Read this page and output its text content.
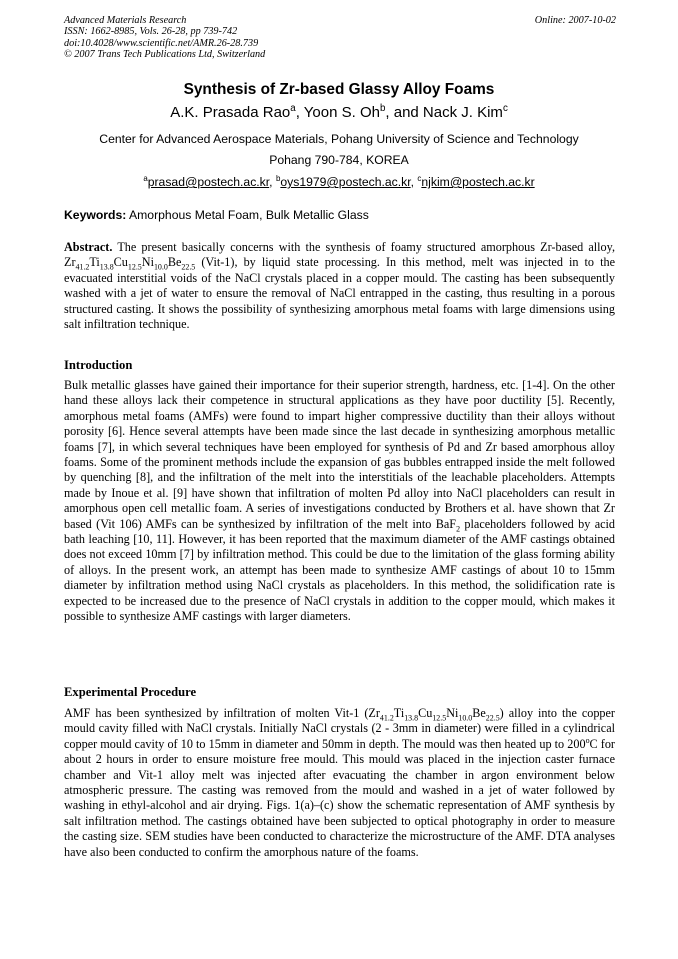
Advanced Materials Research
ISSN: 1662-8985, Vols. 26-28, pp 739-742
doi:10.4028/www.scientific.net/AMR.26-28.739
© 2007 Trans Tech Publications Ltd, Switzerland
Online: 2007-10-02
Synthesis of Zr-based Glassy Alloy Foams
A.K. Prasada Rao$^a$, Yoon S. Oh$^b$, and Nack J. Kim$^c$
Center for Advanced Aerospace Materials, Pohang University of Science and Technology
Pohang 790-784, KOREA
$^a$prasad@postech.ac.kr, $^b$oys1979@postech.ac.kr, $^c$njkim@postech.ac.kr
Keywords: Amorphous Metal Foam, Bulk Metallic Glass
Abstract. The present basically concerns with the synthesis of foamy structured amorphous Zr-based alloy, $Zr_{41.2}Ti_{13.8}Cu_{12.5}Ni_{10.0}Be_{22.5}$ (Vit-1), by liquid state processing. In this method, melt was injected in to the evacuated interstitial voids of the NaCl crystals placed in a copper mould. The casting has been subsequently washed with a jet of water to ensure the removal of NaCl entrapped in the casting, thus resulting in a porous structured casting. It shows the possibility of synthesizing amorphous metal foams with large dimensions using salt infiltration technique.
Introduction
Bulk metallic glasses have gained their importance for their superior strength, hardness, etc. [1-4]. On the other hand these alloys lack their competence in structural applications as they have poor ductility [5]. Recently, amorphous metal foams (AMFs) were found to impart higher compressive ductility than their alloys without porosity [6]. Hence several attempts have been made since the last decade in synthesizing amorphous metallic foams [7], in which several techniques have been employed for synthesis of Pd and Zr based amorphous alloy foams. Some of the prominent methods include the expansion of gas bubbles entrapped inside the melt followed by quenching [8], and the infiltration of the melt into the interstitials of the leachable placeholders. Attempts made by Inoue et al. [9] have shown that infiltration of molten Pd alloy into NaCl placeholders can result in amorphous open cell metallic foam. A series of investigations conducted by Brothers et al. have shown that Zr based (Vit 106) AMFs can be synthesized by infiltration of the melt into BaF$_2$ placeholders followed by acid bath leaching [10, 11]. However, it has been reported that the maximum diameter of the AMF castings obtained does not exceed 10mm [7] by infiltration method. This could be due to the limitation of the glass forming ability of alloys. In the present work, an attempt has been made to synthesize AMF castings of about 10 to 15mm diameter by infiltration method using NaCl crystals as placeholders. In this method, the solidification rate is expected to be increased due to the presence of NaCl crystals in addition to the copper mould, which makes it possible to synthesize AMF castings with larger diameters.
Experimental Procedure
AMF has been synthesized by infiltration of molten Vit-1 $(Zr_{41.2}Ti_{13.8}Cu_{12.5}Ni_{10.0}Be_{22.5})$ alloy into the copper mould cavity filled with NaCl crystals. Initially NaCl crystals (2 - 3mm in diameter) were filled in a cylindrical copper mould cavity of 10 to 15mm in diameter and 50mm in depth. The mould was then heated up to 200$^o$C for about 2 hours in order to ensure moisture free mould. This mould was placed in the injection caster furnace chamber and Vit-1 alloy melt was injected after evacuating the chamber in argon environment below atmospheric pressure. The casting was removed from the mould and washed in a jet of water followed by washing in ethyl-alcohol and air drying. Figs. 1(a)–(c) show the schematic representation of AMF synthesis by salt infiltration method. The castings obtained have been subjected to optical photography in order to measure the casting size. SEM studies have been conducted to characterize the microstructure of the AMF. DTA analyses have also been conducted to confirm the amorphous nature of the foams.
